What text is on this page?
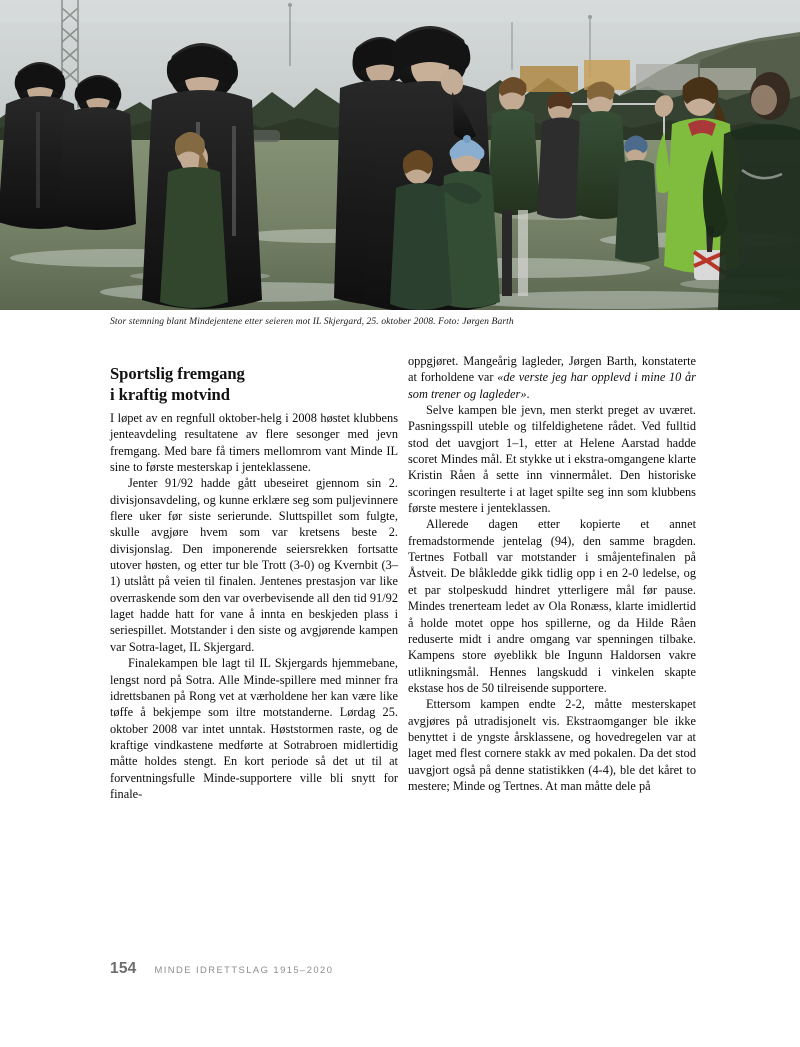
Stor stemning blant Mindejentene etter seieren mot IL Skjergard, 25. oktober 2008. Foto: Jørgen Barth
Sportslig fremgang
i kraftig motvind

I løpet av en regnfull oktober-helg i 2008 høstet klubbens jenteavdeling resultatene av flere sesonger med jevn fremgang. Med bare få timers mellomrom vant Minde IL sine to første mesterskap i jenteklassene.

Jenter 91/92 hadde gått ubeseiret gjennom sin 2. divisjonsavdeling, og kunne erklære seg som puljevinnere flere uker før siste serierunde. Sluttspillet som fulgte, skulle avgjøre hvem som var kretsens beste 2. divisjonslag. Den imponerende seiersrekken fortsatte utover høsten, og etter tur ble Trott (3-0) og Kvernbit (3–1) utslått på veien til finalen. Jentenes prestasjon var like overraskende som den var overbevisende all den tid 91/92 laget hadde hatt for vane å innta en beskjeden plass i seriespillet. Motstander i den siste og avgjørende kampen var Sotra-laget, IL Skjergard.

Finalekampen ble lagt til IL Skjergards hjemmebane, lengst nord på Sotra. Alle Minde-spillere med minner fra idrettsbanen på Rong vet at værholdene her kan være like tøffe å bekjempe som iltre motstanderne. Lørdag 25. oktober 2008 var intet unntak. Høststormen raste, og de kraftige vindkastene medførte at Sotrabroen midlertidig måtte holdes stengt. En kort periode så det ut til at forventningsfulle Minde-supportere ville bli snytt for finale-

oppgjøret. Mangeårig lagleder, Jørgen Barth, konstaterte at forholdene var «de verste jeg har opplevd i mine 10 år som trener og lagleder».

Selve kampen ble jevn, men sterkt preget av uværet. Pasningsspill uteble og tilfeldighetene rådet. Ved fulltid stod det uavgjort 1–1, etter at Helene Aarstad hadde scoret Mindes mål. Et stykke ut i ekstra-omgangene klarte Kristin Råen å sette inn vinnermålet. Den historiske scoringen resulterte i at laget spilte seg inn som klubbens første mestere i jenteklassen.

Allerede dagen etter kopierte et annet fremadstormende jentelag (94), den samme bragden. Tertnes Fotball var motstander i småjentefinalen på Åstveit. De blåkledde gikk tidlig opp i en 2-0 ledelse, og et par stolpeskudd hindret ytterligere mål før pause. Mindes trenerteam ledet av Ola Ronæss, klarte imidlertid å holde motet oppe hos spillerne, og da Hilde Råen reduserte midt i andre omgang var spenningen tilbake. Kampens store øyeblikk ble Ingunn Haldorsen vakre utlikningsmål. Hennes langskudd i vinkelen skapte ekstase hos de 50 tilreisende supportere.

Ettersom kampen endte 2-2, måtte mesterskapet avgjøres på utradisjonelt vis. Ekstraomganger ble ikke benyttet i de yngste årsklassene, og hovedregelen var at laget med flest cornere stakk av med pokalen. Da det stod uavgjort også på denne statistikken (4-4), ble det kåret to mestere; Minde og Tertnes. At man måtte dele på

154 MINDE IDRETTSLAG 1915–2020
